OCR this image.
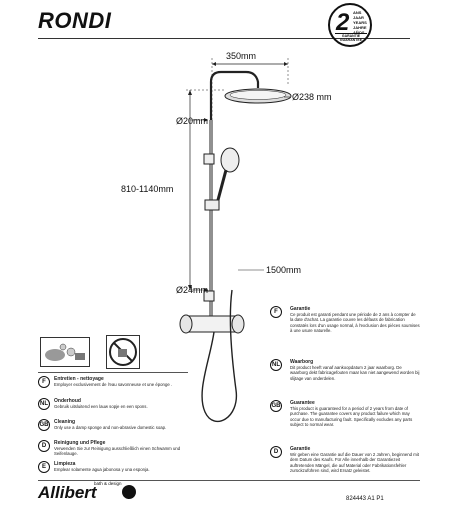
RONDI	2 ANS
JAAR
YEARS
JAHRE
AÑOS
GARANTIE
GUARANTEE
350mm
Ø238 mm
Ø20mm
810-1140mm
Ø24mm
1500mm
F	Entretien - nettoyage
Employer exclusivement de l'eau savonneuse et une éponge .
NL	Onderhoud
Gebruik uitsluitend een lauw sopje en een spons.
GB	Cleaning
Only use a damp sponge and non-abrasive domestic soap.
D	Reinigung und Pflege
Verwenden Sie zur Reinigung ausschließlich einen Schwamm und Seifenlauge.
E	Limpieza
Emplear solamente agua jabonosa y una esponja.
F	Garantie
Ce produit est garanti pendant une période de 2 ans à compter de la date d'achat. La garantie couvre les défauts de fabrication constatés lors d'un usage normal, à l'exclusion des pièces soumises à une usure naturelle.
NL	Waarborg
Dit product heeft vanaf aankoopdatum 2 jaar waarborg. De waarborg dekt fabricagefouten maar kan niet aangewend worden bij slijtage van onderdelen.
GB	Guarantee
This product is guaranteed for a period of 2 years from date of purchase. The guarantee covers any product failure which may occur due to manufacturing fault. Specifically excludes any parts subject to normal wear.
D	Garantie
Wir geben eine Garantie auf die Dauer von 2 Jahren, beginnend mit dem Datum des Kaufs. Für Alle innerhalb der Garantiezeit auftretenden Mängel, die auf Material oder Fabrikationsfehler zurückzuführen sind, wird Ersatz geleistet.
Allibert
bath & design
824443 A1 P1
